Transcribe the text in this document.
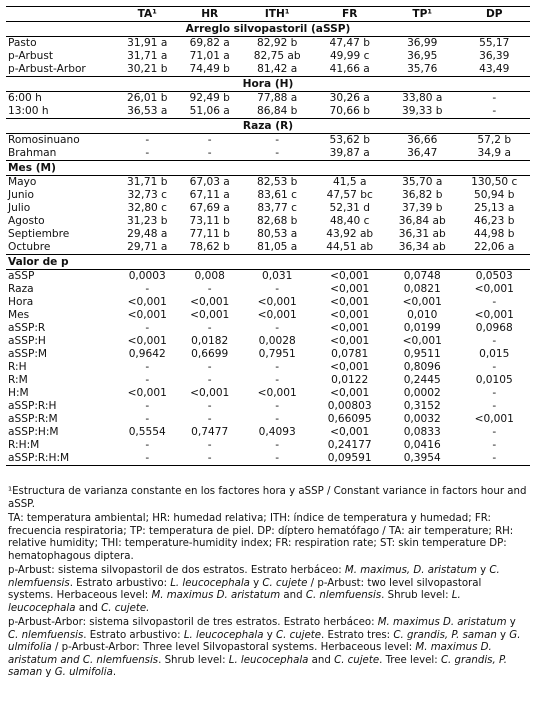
	TA¹	HR	ITH¹	FR	TP¹	DP
Arreglo silvopastoril (aSSP)						
Pasto	31,91 a	69,82 a	82,92 b	47,47 b	36,99	55,17
p-Arbust	31,71 a	71,01 a	82,75 ab	49,99 c	36,95	36,39
p-Arbust-Arbor	30,21 b	74,49 b	81,42 a	41,66 a	35,76	43,49
Hora (H)						
6:00 h	26,01 b	92,49 b	77,88 a	30,26 a	33,80 a	-
13:00 h	36,53 a	51,06 a	86,84 b	70,66 b	39,33 b	-
Raza (R)						
Romosinuano	-	-	-	53,62 b	36,66	57,2 b
Brahman	-	-	-	39,87 a	36,47	34,9 a
Mes (M)						
Mayo	31,71 b	67,03 a	82,53 b	41,5 a	35,70 a	130,50 c
Junio	32,73 c	67,11 a	83,61 c	47,57 bc	36,82 b	50,94 b
Julio	32,80 c	67,69 a	83,77 c	52,31 d	37,39 b	25,13 a
Agosto	31,23 b	73,11 b	82,68 b	48,40 c	36,84 ab	46,23 b
Septiembre	29,48 a	77,11 b	80,53 a	43,92 ab	36,31 ab	44,98 b
Octubre	29,71 a	78,62 b	81,05 a	44,51 ab	36,34 ab	22,06 a
Valor de p						
aSSP	0,0003	0,008	0,031	<0,001	0,0748	0,0503
Raza	-	-	-	<0,001	0,0821	<0,001
Hora	<0,001	<0,001	<0,001	<0,001	<0,001	-
Mes	<0,001	<0,001	<0,001	<0,001	0,010	<0,001
aSSP:R	-	-	-	<0,001	0,0199	0,0968
aSSP:H	<0,001	0,0182	0,0028	<0,001	<0,001	-
aSSP:M	0,9642	0,6699	0,7951	0,0781	0,9511	0,015
R:H	-	-	-	<0,001	0,8096	-
R:M	-	-	-	0,0122	0,2445	0,0105
H:M	<0,001	<0,001	<0,001	<0,001	0,0002	-
aSSP:R:H	-	-	-	0,00803	0,3152	-
aSSP:R:M	-	-	-	0,66095	0,0032	<0,001
aSSP:H:M	0,5554	0,7477	0,4093	<0,001	0,0833	-
R:H:M	-	-	-	0,24177	0,0416	-
aSSP:R:H:M	-	-	-	0,09591	0,3954	-

¹Estructura de varianza constante en los factores hora y aSSP / Constant variance in factors hour and aSSP.

TA: temperatura ambiental; HR: humedad relativa; ITH: índice de temperatura y humedad; FR: frecuencia respiratoria; TP: temperatura de piel. DP: díptero hematófago / TA: air temperature; RH: relative humidity; THI: temperature-humidity index; FR: respiration rate; ST: skin temperature DP: hematophagous diptera.

p-Arbust: sistema silvopastoril de dos estratos. Estrato herbáceo: M. maximus, D. aristatum y C. nlemfuensis. Estrato arbustivo: L. leucocephala y C. cujete / p-Arbust: two level silvopastoral systems. Herbaceous level: M. maximus D. aristatum and C. nlemfuensis. Shrub level: L. leucocephala and C. cujete.

p-Arbust-Arbor: sistema silvopastoril de tres estratos. Estrato herbáceo: M. maximus D. aristatum y C. nlemfuensis. Estrato arbustivo: L. leucocephala y C. cujete. Estrato tres: C. grandis, P. saman y G. ulmifolia / p-Arbust-Arbor: Three level Silvopastoral systems. Herbaceous level: M. maximus D. aristatum and C. nlemfuensis. Shrub level: L. leucocephala and C. cujete. Tree level: C. grandis, P. saman y G. ulmifolia.
